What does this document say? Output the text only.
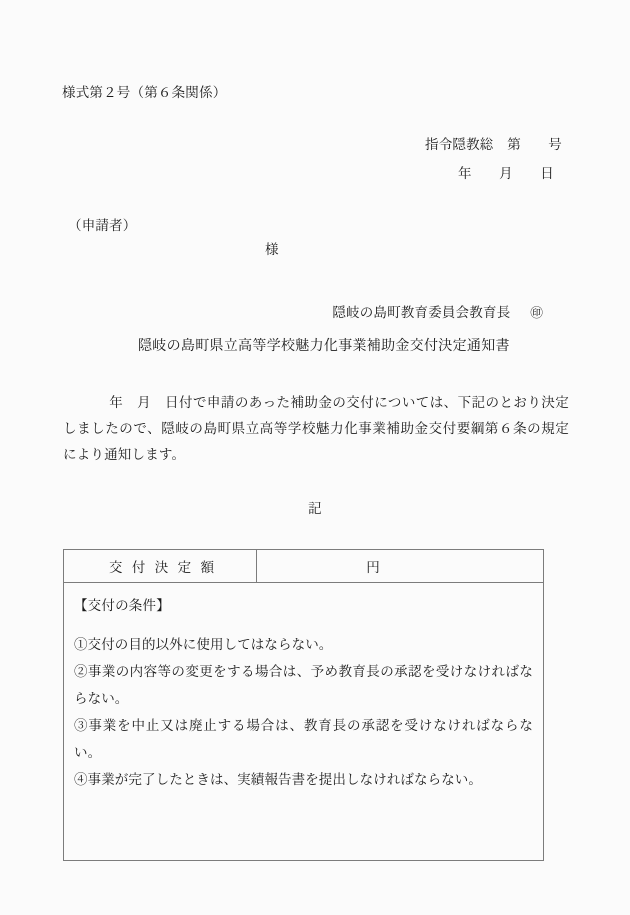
様式第２号（第６条関係）
指令隠教総　第　　号
年　　月　　日
（申請者）
様

隠岐の島町教育委員会教育長 ㊞

隠岐の島町県立高等学校魅力化事業補助金交付決定通知書
年　月　日付で申請のあった補助金の交付については、下記のとおり決定しましたので、隠岐の島町県立高等学校魅力化事業補助金交付要綱第６条の規定により通知します。
記
交 付 決 定 額	円

【交付の条件】
①交付の目的以外に使用してはならない。
②事業の内容等の変更をする場合は、予め教育長の承認を受けなければならない。
③事業を中止又は廃止する場合は、教育長の承認を受けなければならない。
④事業が完了したときは、実績報告書を提出しなければならない。
